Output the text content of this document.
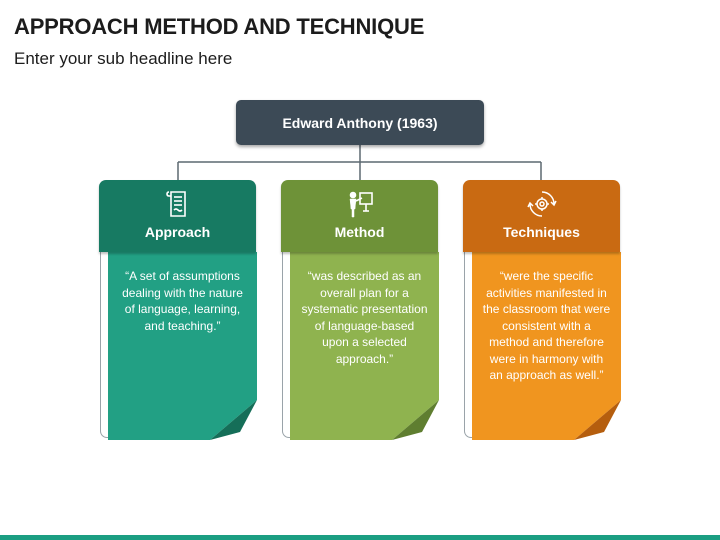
APPROACH METHOD AND TECHNIQUE
Enter your sub headline here
Edward Anthony (1963)
“A set of assumptions dealing with the nature of language, learning, and teaching.”
Approach
“was described as an overall plan for a systematic presentation of language-based upon a selected approach.”
Method
“were the specific activities manifested in the classroom that were consistent with a method and therefore were in harmony with an approach as well.”
Techniques
